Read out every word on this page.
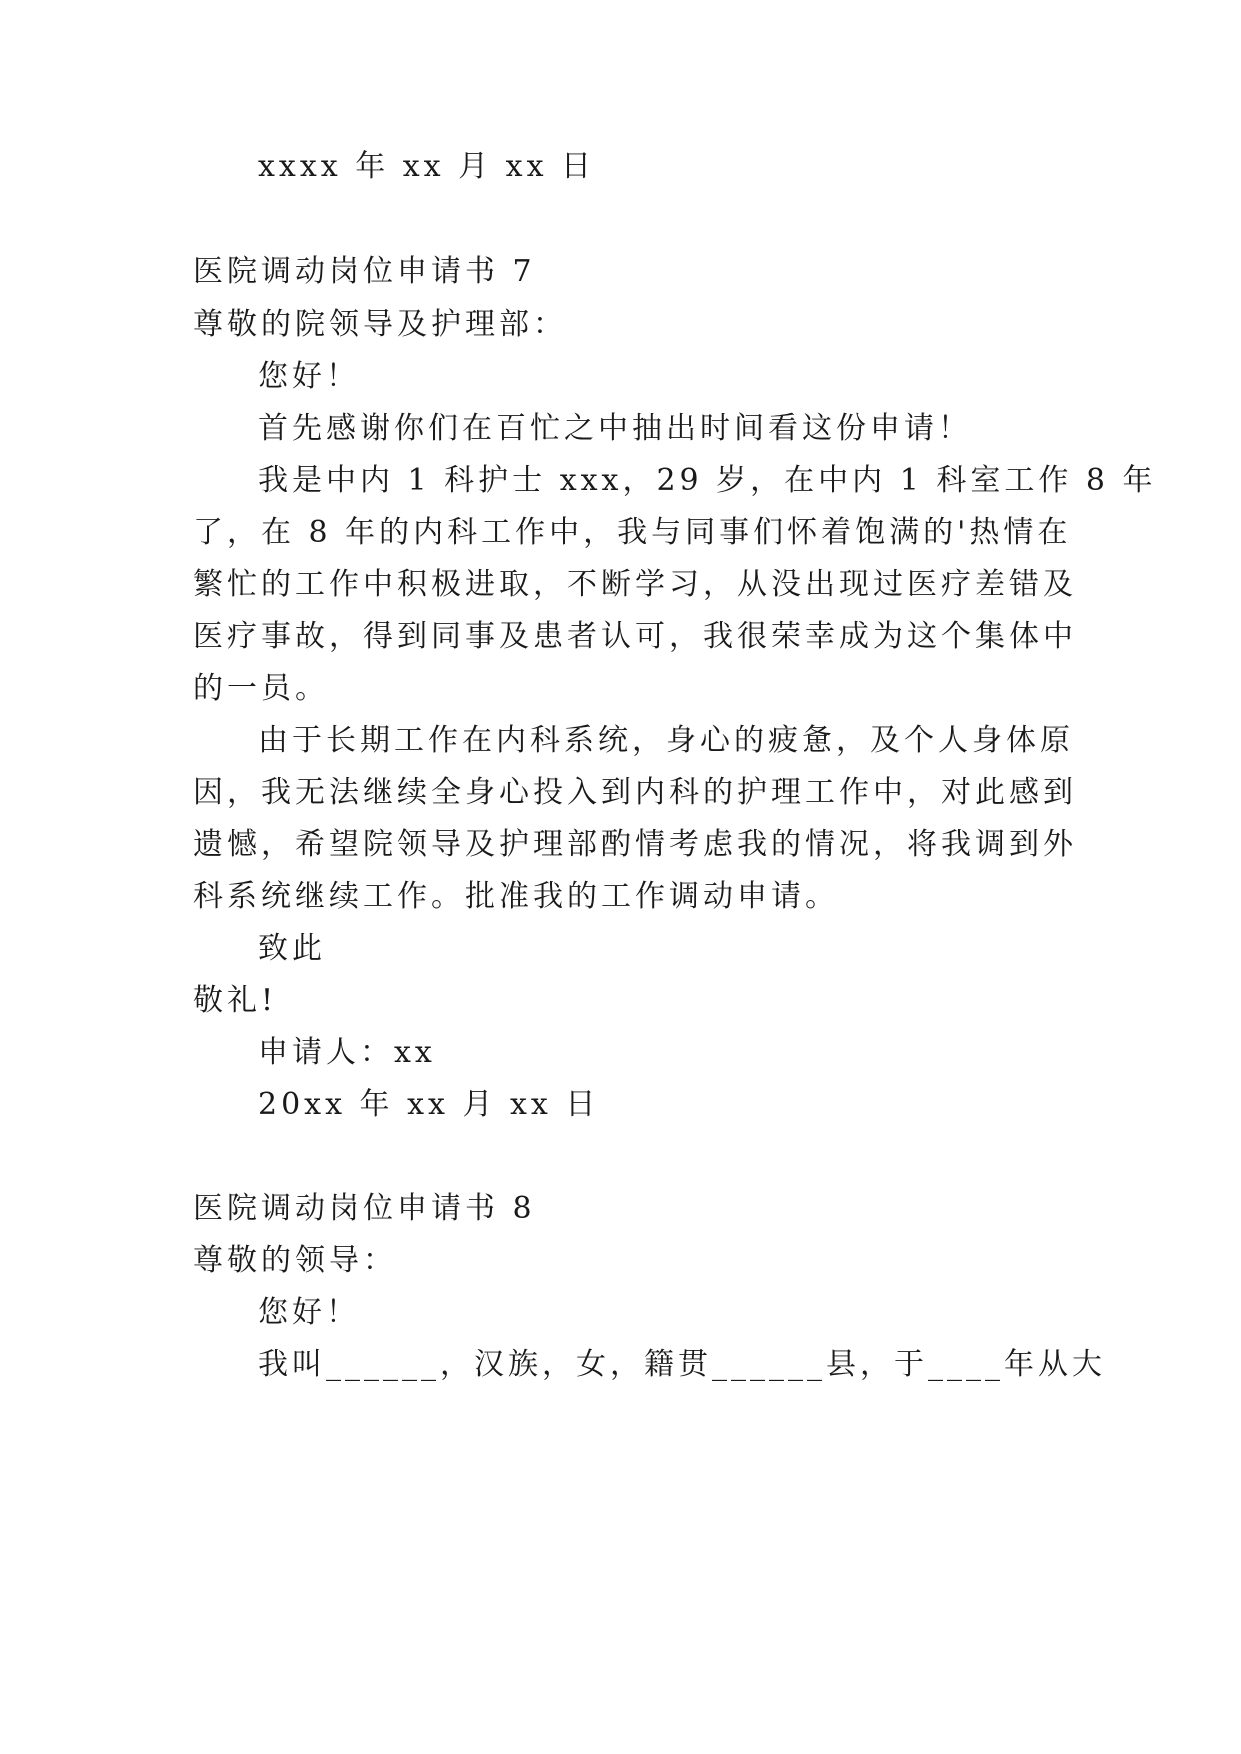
xxxx 年 xx 月 xx 日
医院调动岗位申请书 7
尊敬的院领导及护理部：
您好！
首先感谢你们在百忙之中抽出时间看这份申请！
我是中内 1 科护士 xxx，29 岁，在中内 1 科室工作 8 年
了，在 8 年的内科工作中，我与同事们怀着饱满的'热情在
繁忙的工作中积极进取，不断学习，从没出现过医疗差错及
医疗事故，得到同事及患者认可，我很荣幸成为这个集体中
的一员。
由于长期工作在内科系统，身心的疲惫，及个人身体原
因，我无法继续全身心投入到内科的护理工作中，对此感到
遗憾，希望院领导及护理部酌情考虑我的情况，将我调到外
科系统继续工作。批准我的工作调动申请。
致此
敬礼!
申请人：xx
20xx 年 xx 月 xx 日
医院调动岗位申请书 8
尊敬的领导：
您好！
我叫______，汉族，女，籍贯______县，于____年从大
